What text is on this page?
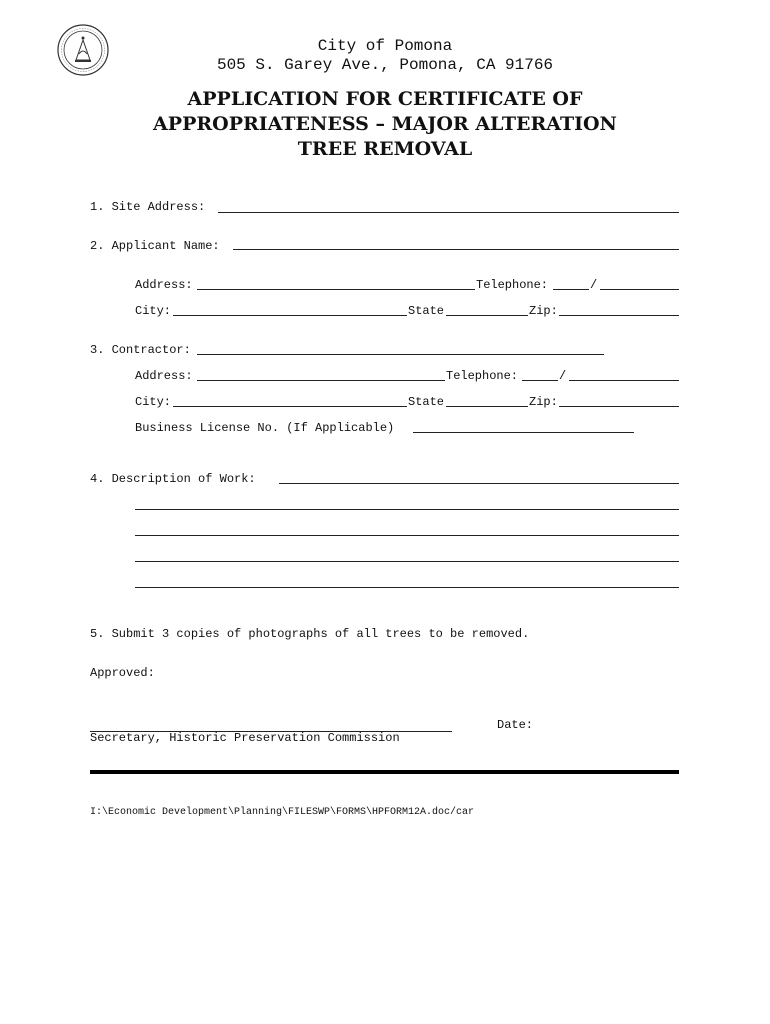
City of Pomona
505 S. Garey Ave., Pomona, CA 91766
APPLICATION FOR CERTIFICATE OF
APPROPRIATENESS – MAJOR ALTERATION
TREE REMOVAL
1. Site Address:
2. Applicant Name:
Address:	Telephone:	/
City:	State	Zip:
3. Contractor:
Address:	Telephone:	/
City:	State	Zip:
Business License No. (If Applicable)
4. Description of Work:
5. Submit 3 copies of photographs of all trees to be removed.
Approved:
Secretary, Historic Preservation Commission
Date:
I:\Economic Development\Planning\FILESWP\FORMS\HPFORM12A.doc/car
